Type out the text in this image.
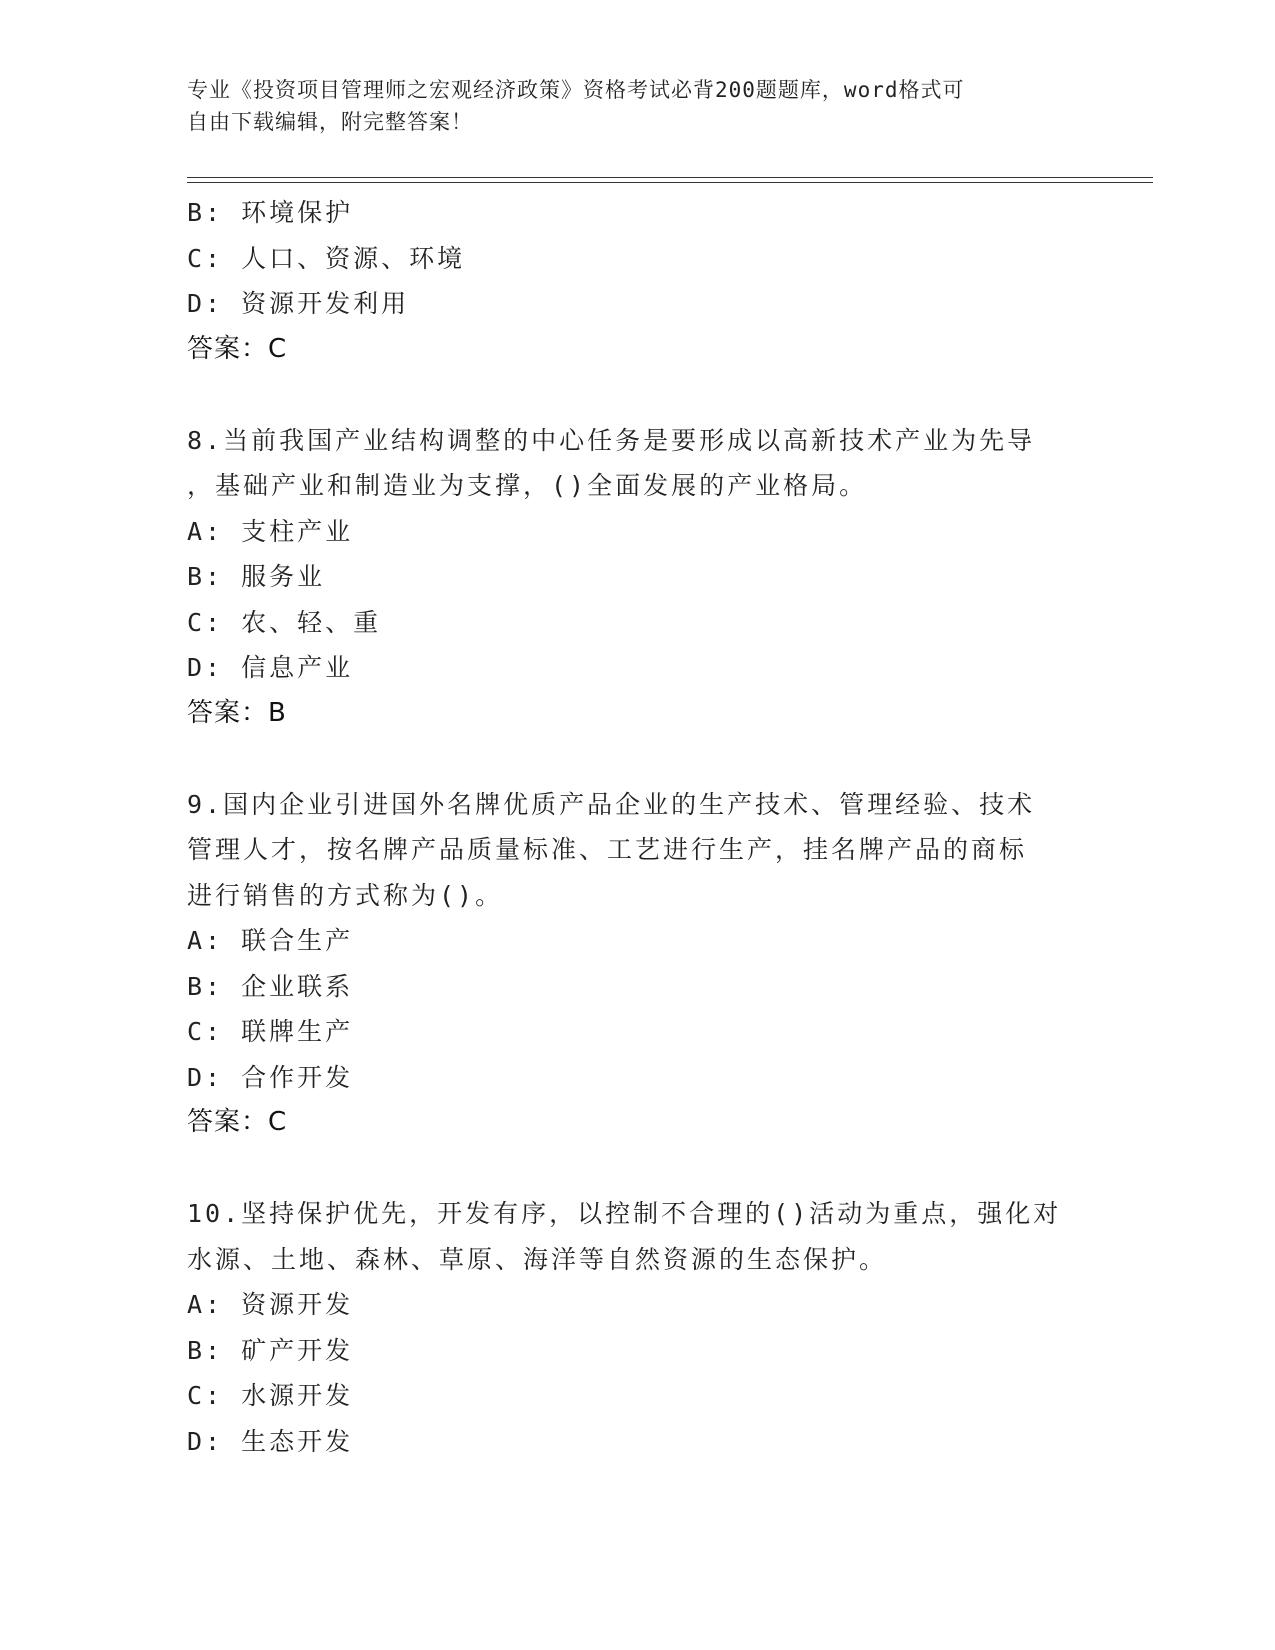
专业《投资项目管理师之宏观经济政策》资格考试必背200题题库，word格式可
自由下载编辑，附完整答案！
B: 环境保护
C: 人口、资源、环境
D: 资源开发利用
答案：C
8.当前我国产业结构调整的中心任务是要形成以高新技术产业为先导
，基础产业和制造业为支撑，()全面发展的产业格局。
A: 支柱产业
B: 服务业
C: 农、轻、重
D: 信息产业
答案：B
9.国内企业引进国外名牌优质产品企业的生产技术、管理经验、技术
管理人才，按名牌产品质量标准、工艺进行生产，挂名牌产品的商标
进行销售的方式称为()。
A: 联合生产
B: 企业联系
C: 联牌生产
D: 合作开发
答案：C
10.坚持保护优先，开发有序，以控制不合理的()活动为重点，强化对
水源、土地、森林、草原、海洋等自然资源的生态保护。
A: 资源开发
B: 矿产开发
C: 水源开发
D: 生态开发
